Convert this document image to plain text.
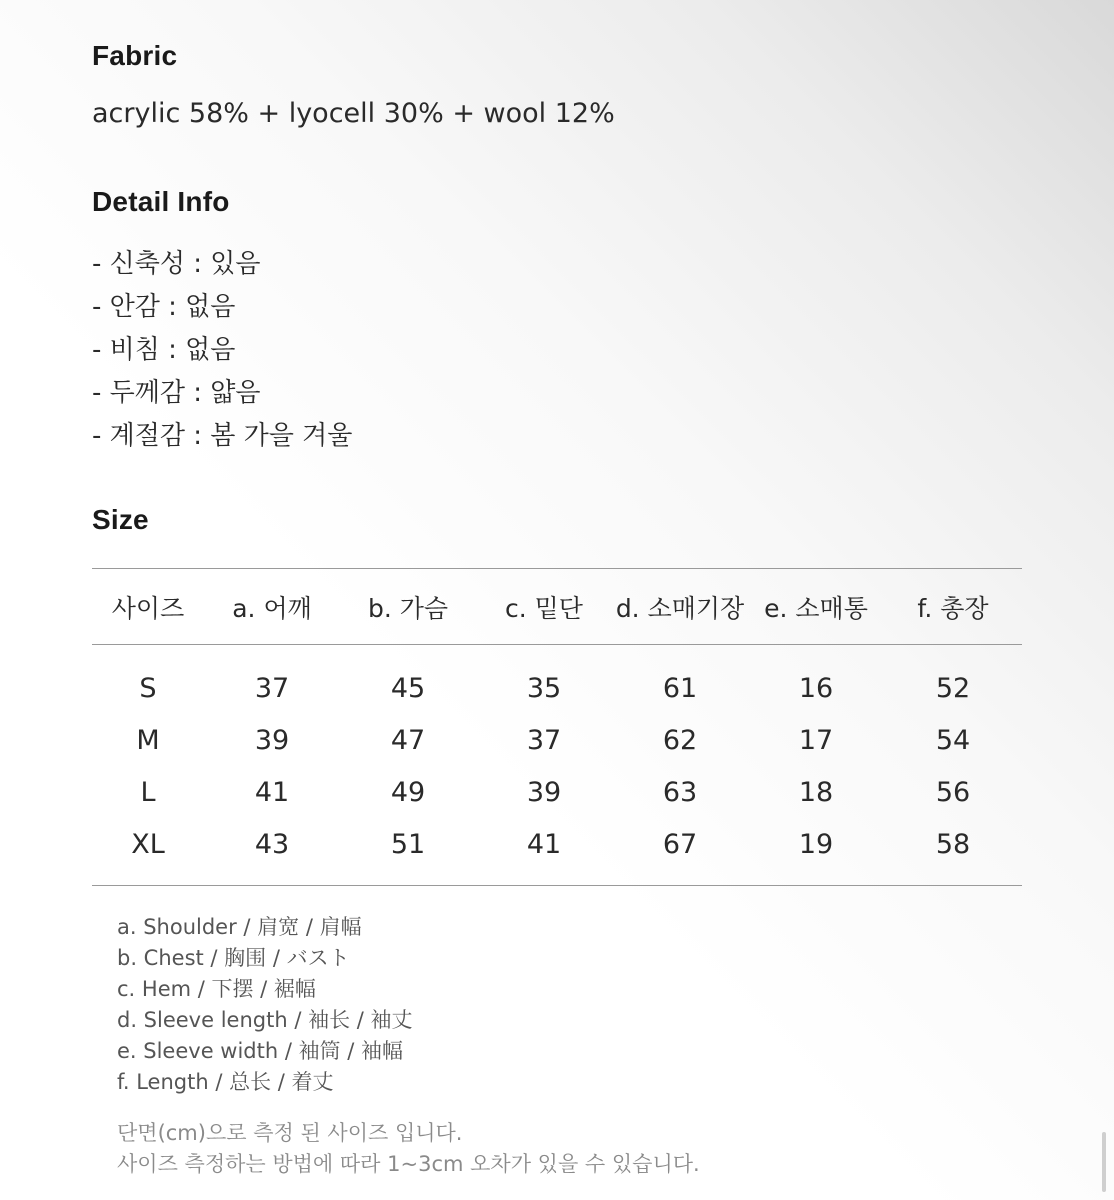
Fabric

acrylic 58% + lyocell 30% + wool 12%

Detail Info
- 신축성 : 있음
- 안감 : 없음
- 비침 : 없음
- 두께감 : 얇음
- 계절감 : 봄 가을 겨울
Size
사이즈	a. 어깨	b. 가슴	c. 밑단	d. 소매기장	e. 소매통	f. 총장
S	37	45	35	61	16	52
M	39	47	37	62	17	54
L	41	49	39	63	18	56
XL	43	51	41	67	19	58
a. Shoulder / 肩宽 / 肩幅
b. Chest / 胸围 / バスト
c. Hem / 下摆 / 裾幅
d. Sleeve length / 袖长 / 袖丈
e. Sleeve width / 袖筒 / 袖幅
f. Length / 总长 / 着丈
단면(cm)으로 측정 된 사이즈 입니다.
사이즈 측정하는 방법에 따라 1~3cm 오차가 있을 수 있습니다.
